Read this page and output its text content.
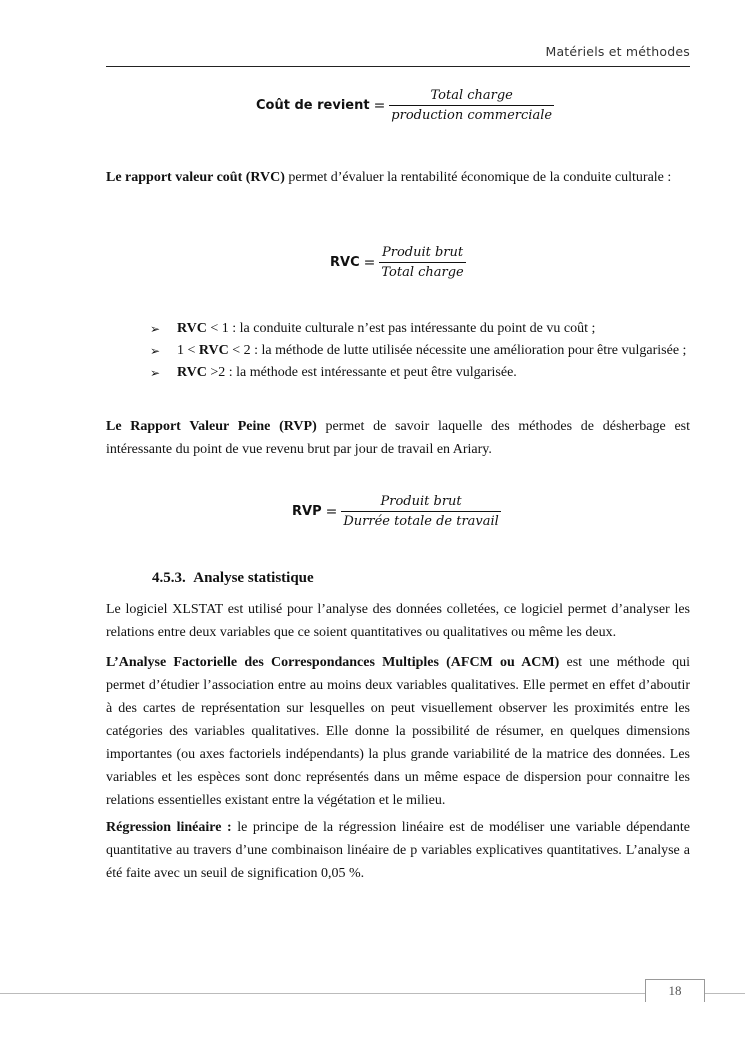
Matériels et méthodes
Coût de revient = $\frac{\text{Total charge}}{\text{production commerciale}}$

Le rapport valeur coût (RVC) permet d’évaluer la rentabilité économique de la conduite culturale :

RVC = $\frac{\text{Produit brut}}{\text{Total charge}}$
➢ RVC < 1 : la conduite culturale n’est pas intéressante du point de vu coût ;
➢ 1 < RVC < 2 : la méthode de lutte utilisée nécessite une amélioration pour être vulgarisée ;
➢ RVC >2 : la méthode est intéressante et peut être vulgarisée.

Le Rapport Valeur Peine (RVP) permet de savoir laquelle des méthodes de désherbage est intéressante du point de vue revenu brut par jour de travail en Ariary.

RVP = $\frac{\text{Produit brut}}{\text{Durrée totale de travail}}$
4.5.3. Analyse statistique

Le logiciel XLSTAT est utilisé pour l’analyse des données colletées, ce logiciel permet d’analyser les relations entre deux variables que ce soient quantitatives ou qualitatives ou même les deux.

L’Analyse Factorielle des Correspondances Multiples (AFCM ou ACM) est une méthode qui permet d’étudier l’association entre au moins deux variables qualitatives. Elle permet en effet d’aboutir à des cartes de représentation sur lesquelles on peut visuellement observer les proximités entre les catégories des variables qualitatives. Elle donne la possibilité de résumer, en quelques dimensions importantes (ou axes factoriels indépendants) la plus grande variabilité de la matrice des données. Les variables et les espèces sont donc représentés dans un même espace de dispersion pour connaitre les relations essentielles existant entre la végétation et le milieu.

Régression linéaire : le principe de la régression linéaire est de modéliser une variable dépendante quantitative au travers d’une combinaison linéaire de p variables explicatives quantitatives. L’analyse a été faite avec un seuil de signification 0,05 %.

18
